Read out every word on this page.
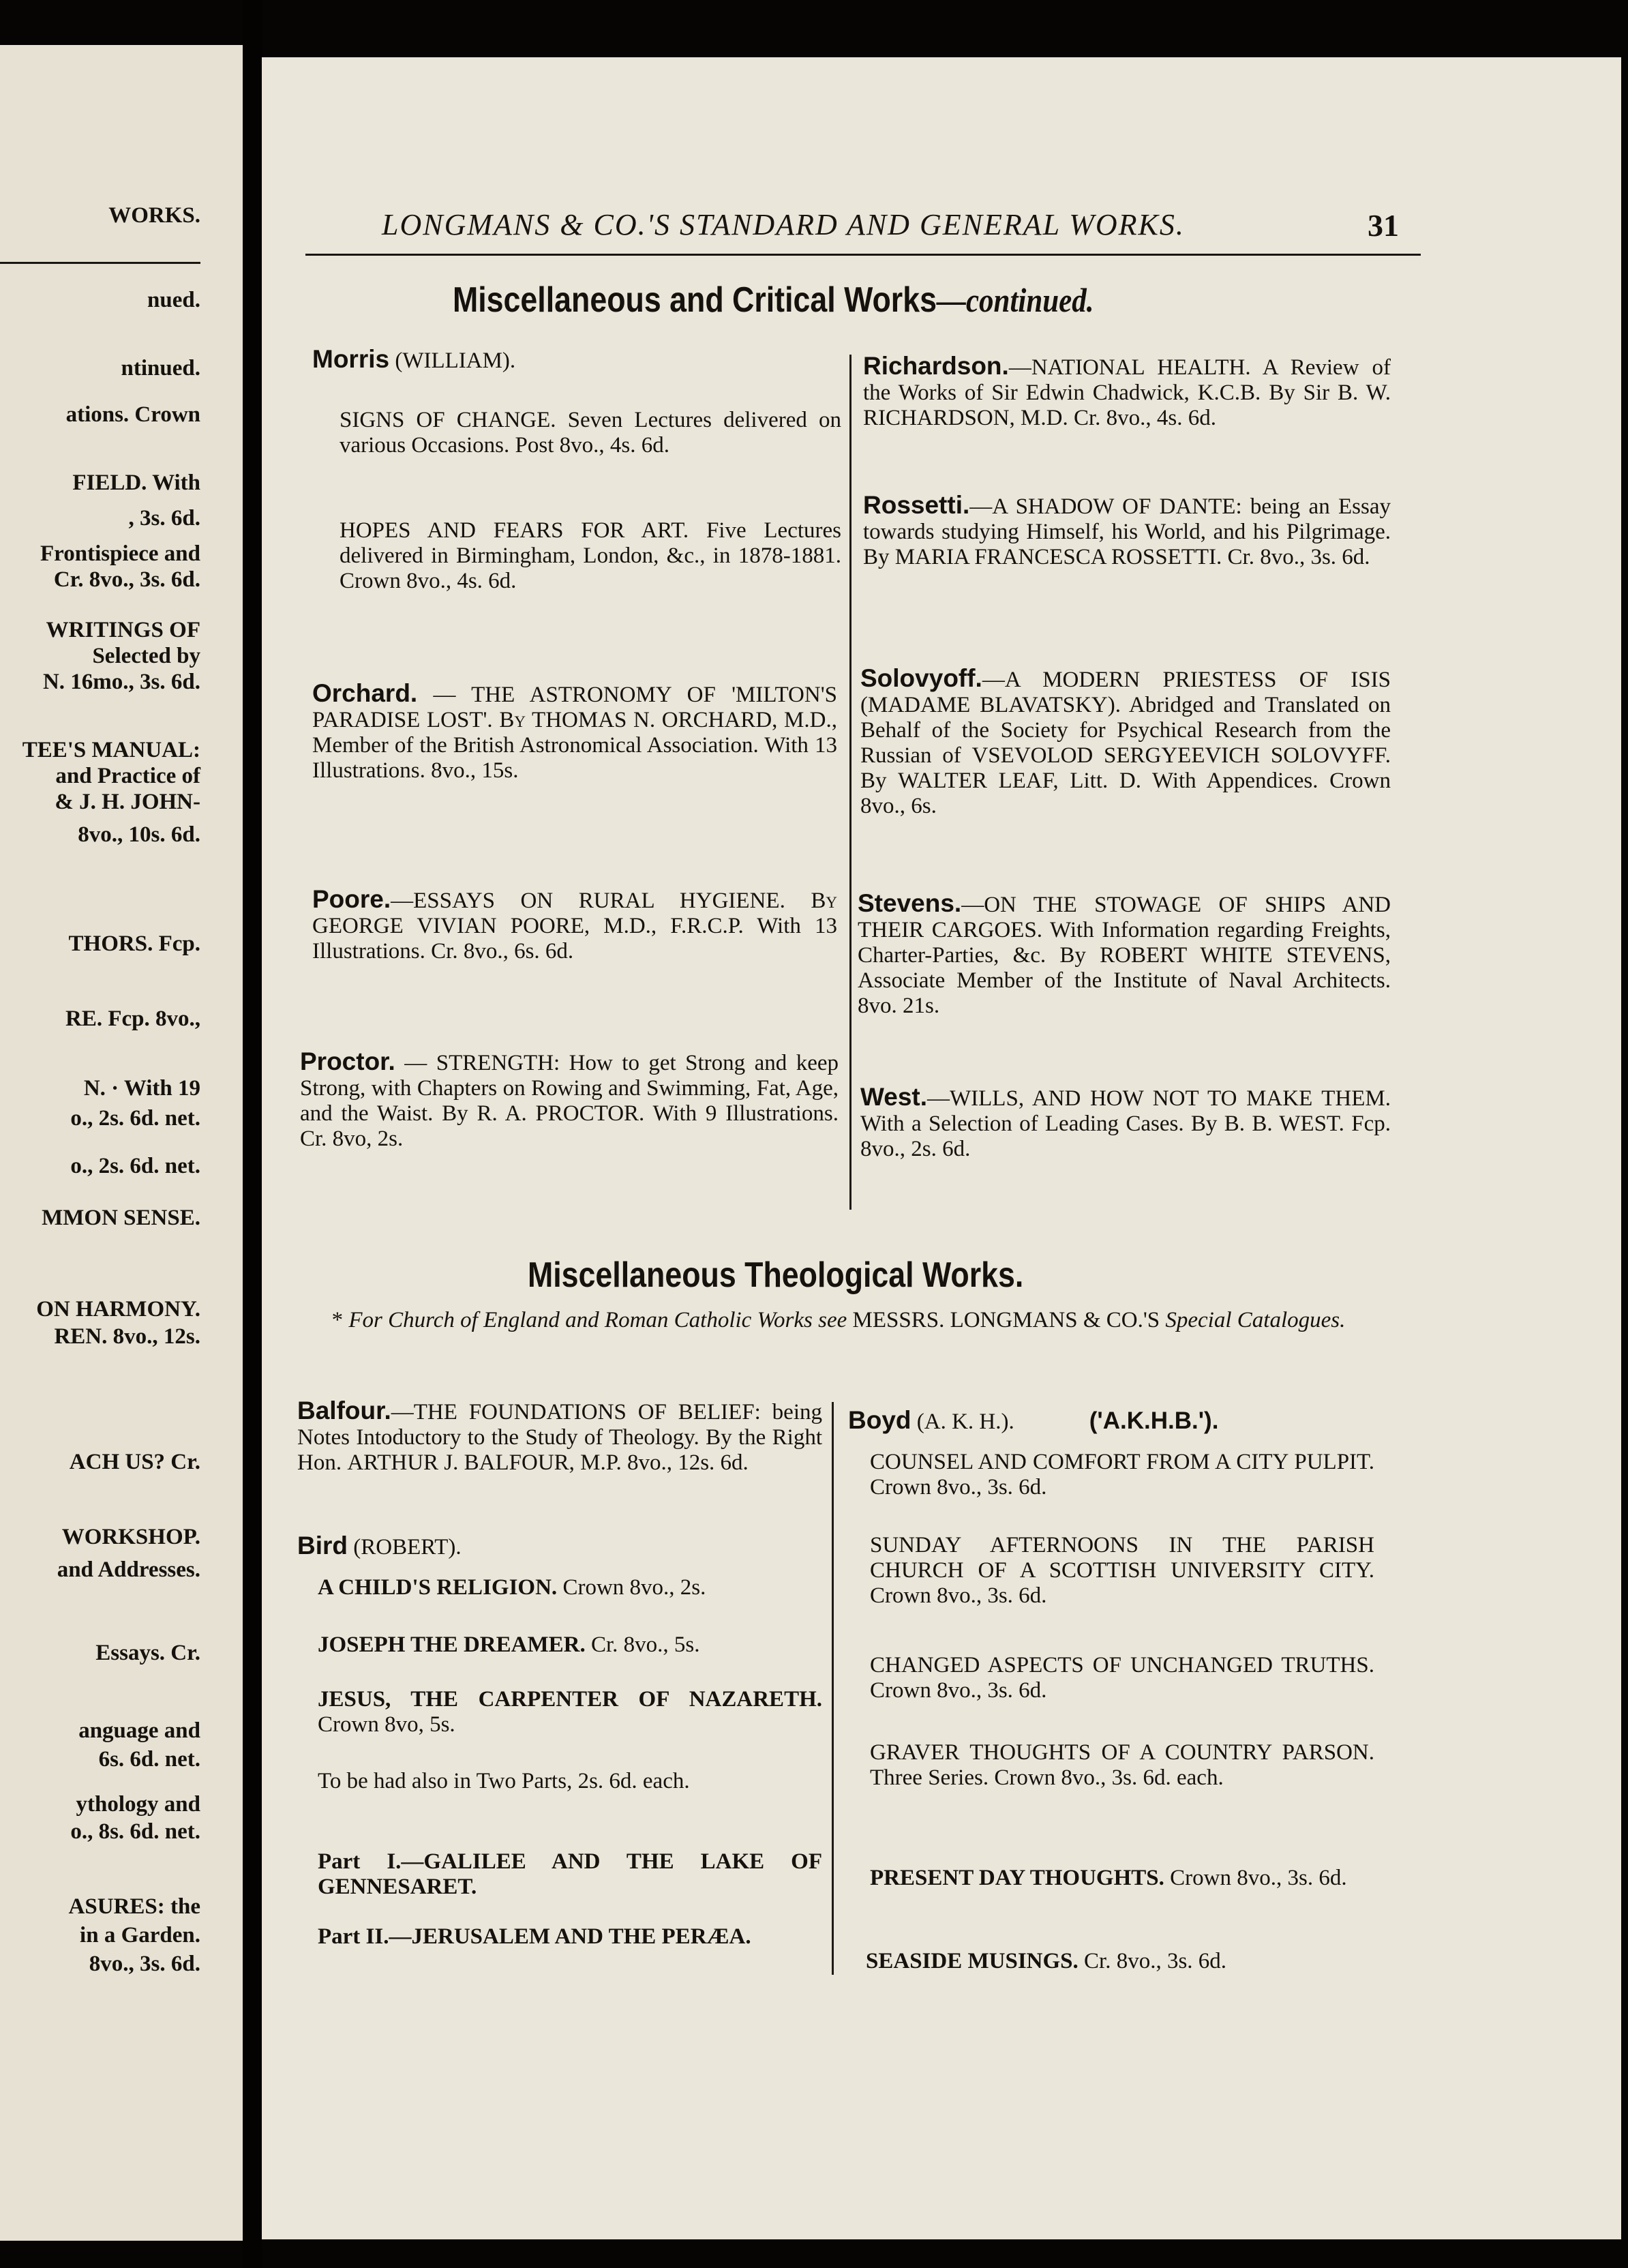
WORKS.
nued.
ntinued.
ations. Crown
FIELD. With
, 3s. 6d.
Frontispiece and
Cr. 8vo., 3s. 6d.
WRITINGS OF
Selected by
N. 16mo., 3s. 6d.
TEE'S MANUAL:
and Practice of
& J. H. JOHN-
8vo., 10s. 6d.
THORS. Fcp.
RE. Fcp. 8vo.,
N. · With 19
o., 2s. 6d. net.
o., 2s. 6d. net.
MMON SENSE.
ON HARMONY.
REN. 8vo., 12s.
ACH US? Cr.
WORKSHOP.
and Addresses.
Essays. Cr.
anguage and
6s. 6d. net.
ythology and
o., 8s. 6d. net.
ASURES: the
in a Garden.
8vo., 3s. 6d.
LONGMANS & CO.'S STANDARD AND GENERAL WORKS.	31
Miscellaneous and Critical Works—continued.
Morris (WILLIAM).
SIGNS OF CHANGE. Seven Lectures delivered on various Occasions. Post 8vo., 4s. 6d.
HOPES AND FEARS FOR ART. Five Lectures delivered in Birmingham, London, &c., in 1878-1881. Crown 8vo., 4s. 6d.
Orchard. — THE ASTRONOMY OF 'MILTON'S PARADISE LOST'. By THOMAS N. ORCHARD, M.D., Member of the British Astronomical Association. With 13 Illustrations. 8vo., 15s.
Poore.—ESSAYS ON RURAL HYGIENE. By GEORGE VIVIAN POORE, M.D., F.R.C.P. With 13 Illustrations. Cr. 8vo., 6s. 6d.
Proctor. — STRENGTH: How to get Strong and keep Strong, with Chapters on Rowing and Swimming, Fat, Age, and the Waist. By R. A. PROCTOR. With 9 Illustrations. Cr. 8vo, 2s.
Richardson.—NATIONAL HEALTH. A Review of the Works of Sir Edwin Chadwick, K.C.B. By Sir B. W. RICHARDSON, M.D. Cr. 8vo., 4s. 6d.
Rossetti.—A SHADOW OF DANTE: being an Essay towards studying Himself, his World, and his Pilgrimage. By MARIA FRANCESCA ROSSETTI. Cr. 8vo., 3s. 6d.
Solovyoff.—A MODERN PRIESTESS OF ISIS (MADAME BLAVATSKY). Abridged and Translated on Behalf of the Society for Psychical Research from the Russian of VSEVOLOD SERGYEEVICH SOLOVYFF. By WALTER LEAF, Litt. D. With Appendices. Crown 8vo., 6s.
Stevens.—ON THE STOWAGE OF SHIPS AND THEIR CARGOES. With Information regarding Freights, Charter-Parties, &c. By ROBERT WHITE STEVENS, Associate Member of the Institute of Naval Architects. 8vo. 21s.
West.—WILLS, AND HOW NOT TO MAKE THEM. With a Selection of Leading Cases. By B. B. WEST. Fcp. 8vo., 2s. 6d.
Miscellaneous Theological Works.
* For Church of England and Roman Catholic Works see MESSRS. LONGMANS & CO.'S Special Catalogues.
Balfour.—THE FOUNDATIONS OF BELIEF: being Notes Intoductory to the Study of Theology. By the Right Hon. ARTHUR J. BALFOUR, M.P. 8vo., 12s. 6d.
Bird (ROBERT).
A CHILD'S RELIGION. Crown 8vo., 2s.
JOSEPH THE DREAMER. Cr. 8vo., 5s.
JESUS, THE CARPENTER OF NAZARETH. Crown 8vo, 5s.
To be had also in Two Parts, 2s. 6d. each.
Part I.—GALILEE AND THE LAKE OF GENNESARET.
Part II.—JERUSALEM AND THE PERÆA.
Boyd (A. K. H.).	('A.K.H.B.').
COUNSEL AND COMFORT FROM A CITY PULPIT. Crown 8vo., 3s. 6d.
SUNDAY AFTERNOONS IN THE PARISH CHURCH OF A SCOTTISH UNIVERSITY CITY. Crown 8vo., 3s. 6d.
CHANGED ASPECTS OF UNCHANGED TRUTHS. Crown 8vo., 3s. 6d.
GRAVER THOUGHTS OF A COUNTRY PARSON. Three Series. Crown 8vo., 3s. 6d. each.
PRESENT DAY THOUGHTS. Crown 8vo., 3s. 6d.
SEASIDE MUSINGS. Cr. 8vo., 3s. 6d.
